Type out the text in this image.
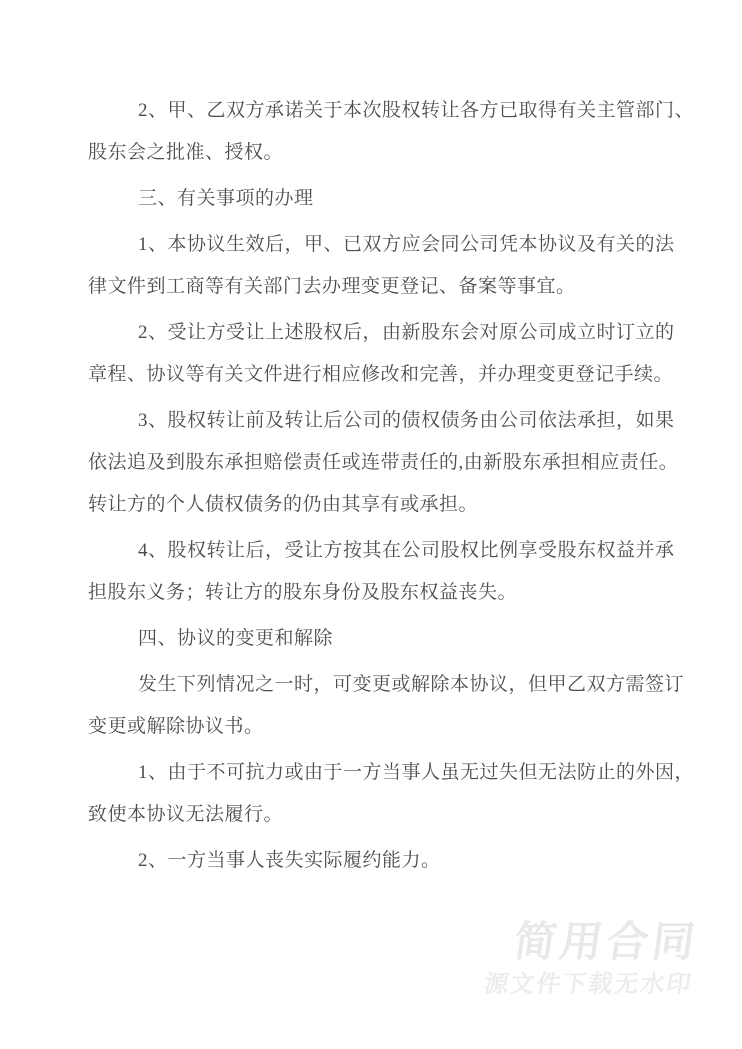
2、甲、乙双方承诺关于本次股权转让各方已取得有关主管部门、
股东会之批准、授权。
三、有关事项的办理
1、本协议生效后，甲、已双方应会同公司凭本协议及有关的法
律文件到工商等有关部门去办理变更登记、备案等事宜。
2、受让方受让上述股权后，由新股东会对原公司成立时订立的
章程、协议等有关文件进行相应修改和完善，并办理变更登记手续。
3、股权转让前及转让后公司的债权债务由公司依法承担，如果
依法追及到股东承担赔偿责任或连带责任的,由新股东承担相应责任。
转让方的个人债权债务的仍由其享有或承担。
4、股权转让后，受让方按其在公司股权比例享受股东权益并承
担股东义务；转让方的股东身份及股东权益丧失。
四、协议的变更和解除
发生下列情况之一时，可变更或解除本协议，但甲乙双方需签订
变更或解除协议书。
1、由于不可抗力或由于一方当事人虽无过失但无法防止的外因，
致使本协议无法履行。
2、一方当事人丧失实际履约能力。
简用合同
源文件下载无水印
